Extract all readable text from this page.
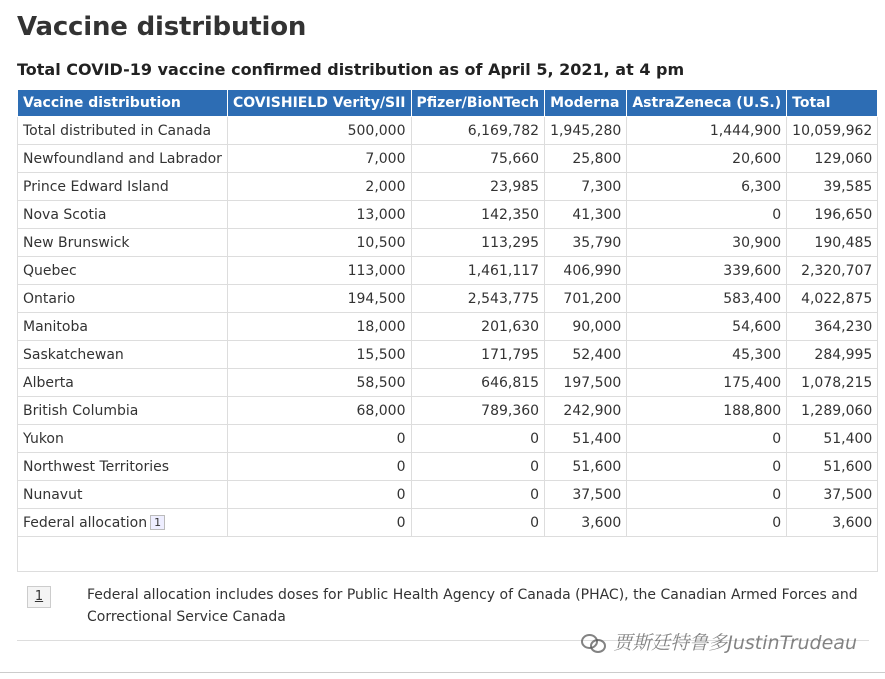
Vaccine distribution

Total COVID-19 vaccine confirmed distribution as of April 5, 2021, at 4 pm

Vaccine distribution	COVISHIELD Verity/SII	Pfizer/BioNTech	Moderna	AstraZeneca (U.S.)	Total
Total distributed in Canada	500,000	6,169,782	1,945,280	1,444,900	10,059,962
Newfoundland and Labrador	7,000	75,660	25,800	20,600	129,060
Prince Edward Island	2,000	23,985	7,300	6,300	39,585
Nova Scotia	13,000	142,350	41,300	0	196,650
New Brunswick	10,500	113,295	35,790	30,900	190,485
Quebec	113,000	1,461,117	406,990	339,600	2,320,707
Ontario	194,500	2,543,775	701,200	583,400	4,022,875
Manitoba	18,000	201,630	90,000	54,600	364,230
Saskatchewan	15,500	171,795	52,400	45,300	284,995
Alberta	58,500	646,815	197,500	175,400	1,078,215
British Columbia	68,000	789,360	242,900	188,800	1,289,060
Yukon	0	0	51,400	0	51,400
Northwest Territories	0	0	51,600	0	51,600
Nunavut	0	0	37,500	0	37,500
Federal allocation 1	0	0	3,600	0	3,600

1	Federal allocation includes doses for Public Health Agency of Canada (PHAC), the Canadian Armed Forces and Correctional Service Canada
贾斯廷特鲁多JustinTrudeau
